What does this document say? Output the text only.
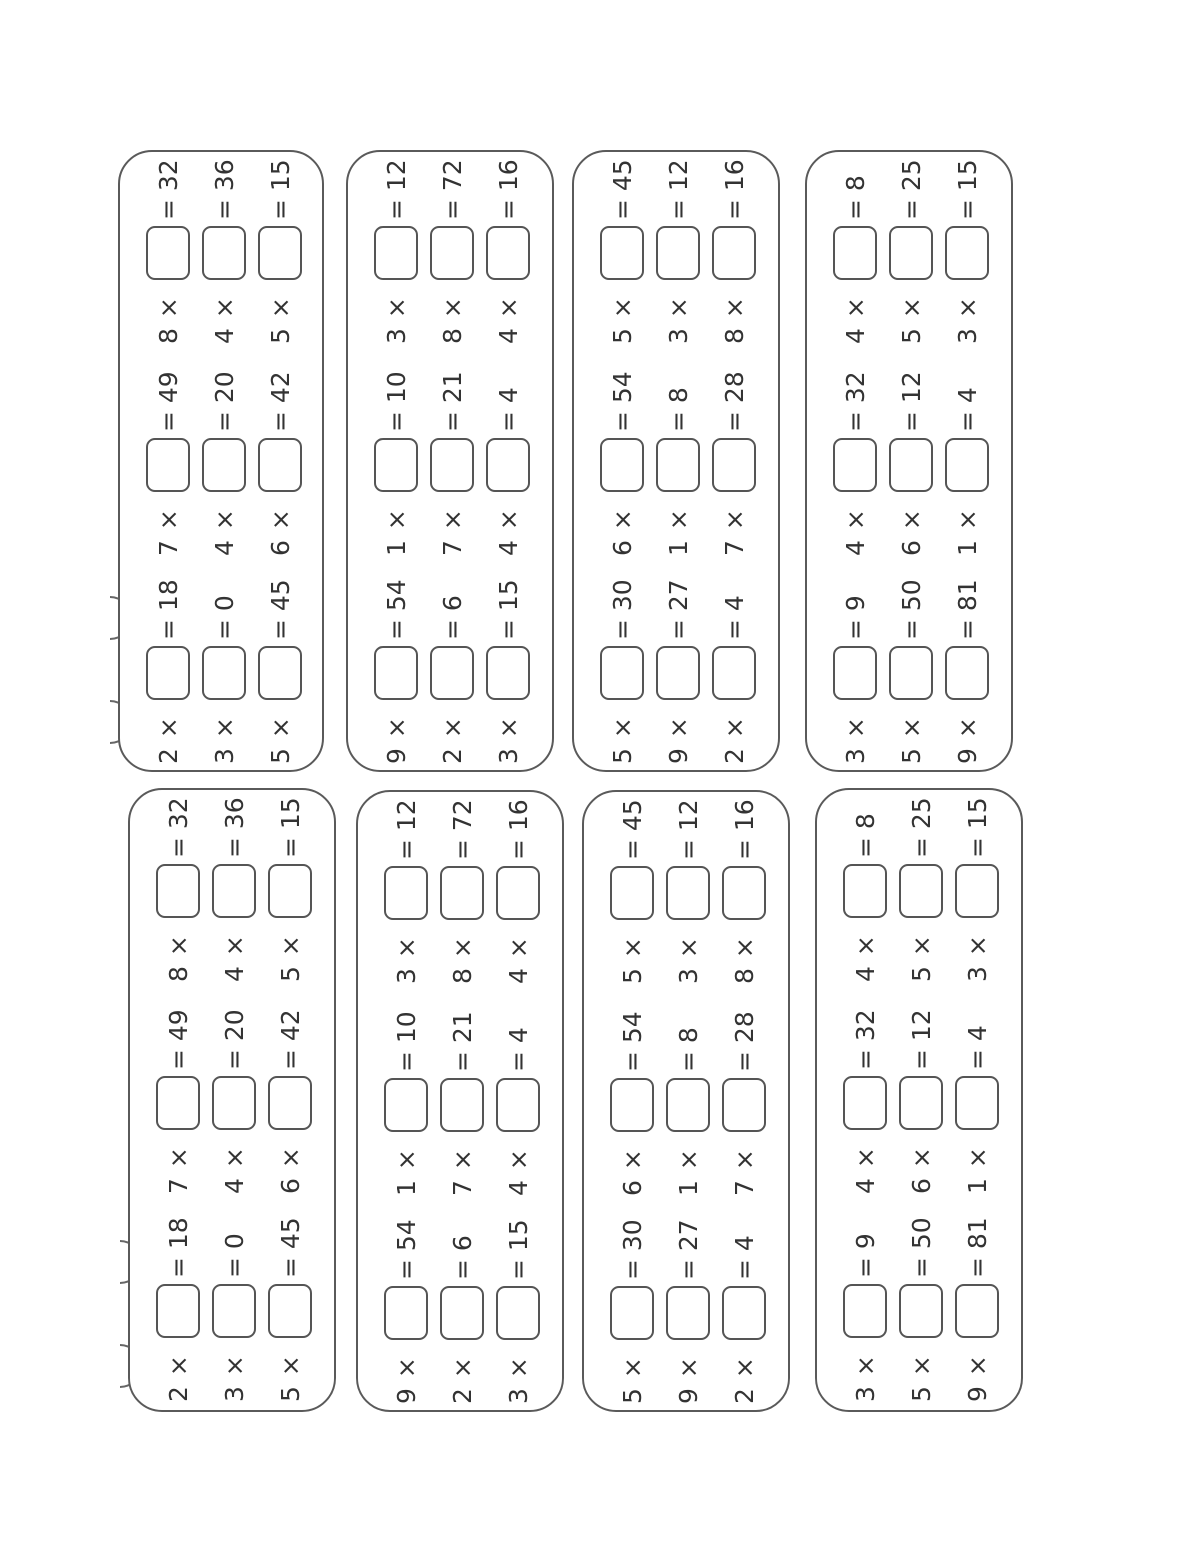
2 ×
= 18
7 ×
= 49
8 ×
= 32
3 ×
= 0
4 ×
= 20
4 ×
= 36
5 ×
= 45
6 ×
= 42
5 ×
= 15
9 ×
= 54
1 ×
= 10
3 ×
= 12
2 ×
= 6
7 ×
= 21
8 ×
= 72
3 ×
= 15
4 ×
= 4
4 ×
= 16
5 ×
= 30
6 ×
= 54
5 ×
= 45
9 ×
= 27
1 ×
= 8
3 ×
= 12
2 ×
= 4
7 ×
= 28
8 ×
= 16
3 ×
= 9
4 ×
= 32
4 ×
= 8
5 ×
= 50
6 ×
= 12
5 ×
= 25
9 ×
= 81
1 ×
= 4
3 ×
= 15
2 ×
= 18
7 ×
= 49
8 ×
= 32
3 ×
= 0
4 ×
= 20
4 ×
= 36
5 ×
= 45
6 ×
= 42
5 ×
= 15
9 ×
= 54
1 ×
= 10
3 ×
= 12
2 ×
= 6
7 ×
= 21
8 ×
= 72
3 ×
= 15
4 ×
= 4
4 ×
= 16
5 ×
= 30
6 ×
= 54
5 ×
= 45
9 ×
= 27
1 ×
= 8
3 ×
= 12
2 ×
= 4
7 ×
= 28
8 ×
= 16
3 ×
= 9
4 ×
= 32
4 ×
= 8
5 ×
= 50
6 ×
= 12
5 ×
= 25
9 ×
= 81
1 ×
= 4
3 ×
= 15
